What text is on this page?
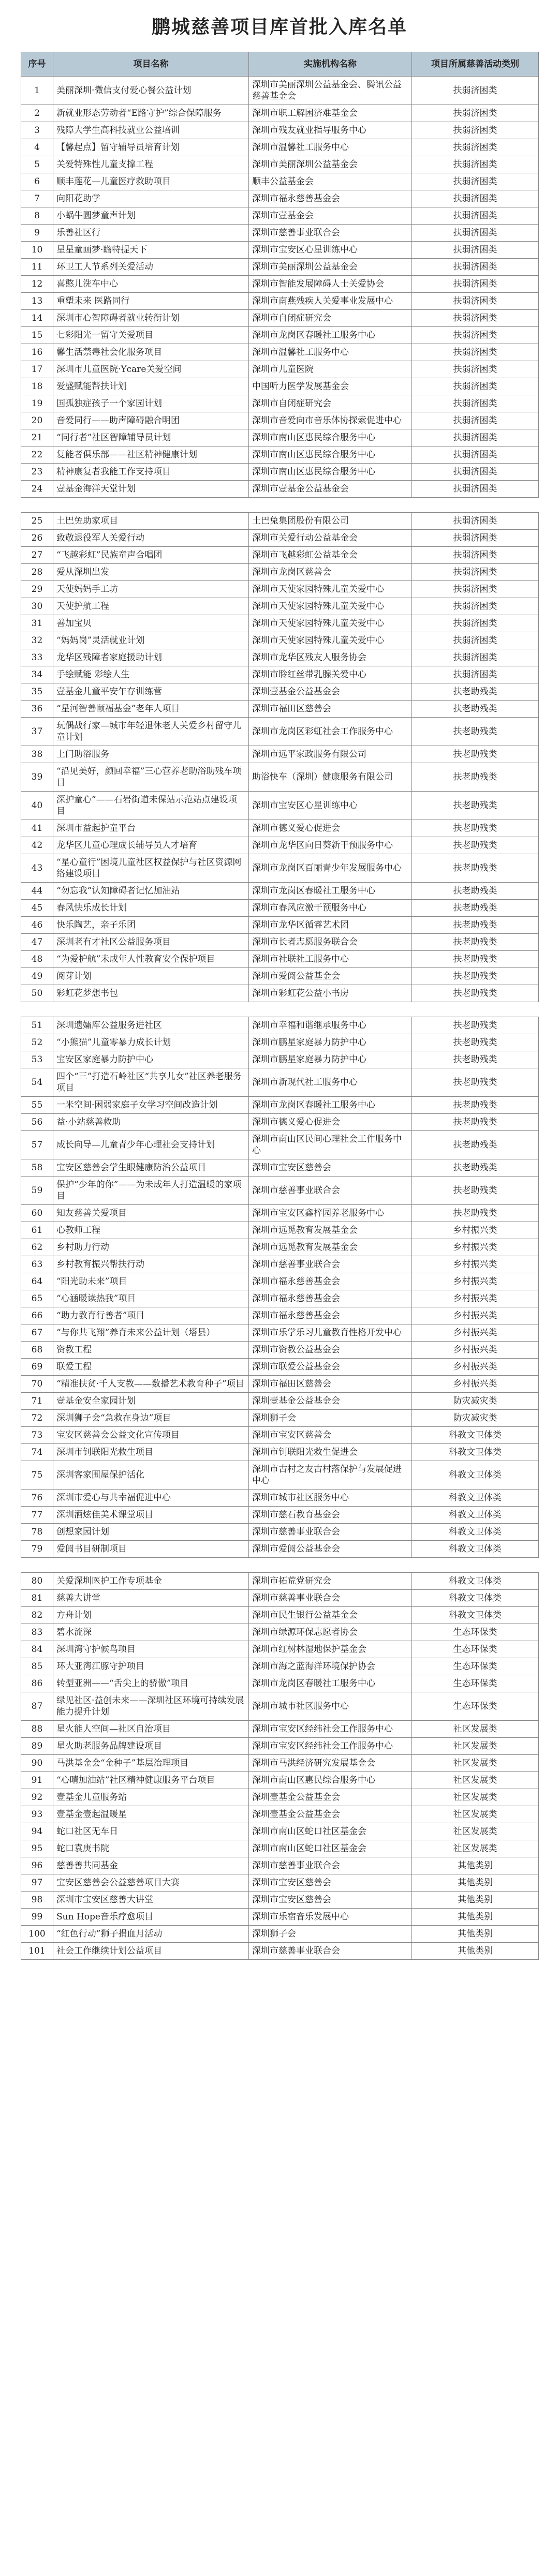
鹏城慈善项目库首批入库名单
序号	项目名称	实施机构名称	项目所属慈善活动类别
1	美丽深圳·微信支付爱心餐公益计划	深圳市美丽深圳公益基金会、腾讯公益慈善基金会	扶弱济困类
2	新就业形态劳动者“E路守护”综合保障服务	深圳市职工解困济难基金会	扶弱济困类
3	残障大学生高科技就业公益培训	深圳市残友就业指导服务中心	扶弱济困类
4	【馨起点】留守辅导员培育计划	深圳市温馨社工服务中心	扶弱济困类
5	关爱特殊性儿童支撑工程	深圳市美丽深圳公益基金会	扶弱济困类
6	顺丰莲花—儿童医疗救助项目	顺丰公益基金会	扶弱济困类
7	向阳花助学	深圳市福永慈善基金会	扶弱济困类
8	小蜗牛圆梦童声计划	深圳市壹基金会	扶弱济困类
9	乐善社区行	深圳市慈善事业联合会	扶弱济困类
10	星星童画梦·瞻特提天下	深圳市宝安区心星训练中心	扶弱济困类
11	环卫工人节系列关爱活动	深圳市美丽深圳公益基金会	扶弱济困类
12	喜憨儿洗车中心	深圳市智能发展障碍人士关爱协会	扶弱济困类
13	重塑未来 医路同行	深圳市南燕残疾人关爱事业发展中心	扶弱济困类
14	深圳市心智障碍者就业转衔计划	深圳市自闭症研究会	扶弱济困类
15	七彩阳光一留守关爱项目	深圳市龙岗区春暖社工服务中心	扶弱济困类
16	馨生活禁毒社会化服务项目	深圳市温馨社工服务中心	扶弱济困类
17	深圳市儿童医院·Ycare关爱空间	深圳市儿童医院	扶弱济困类
18	爱盛赋能帮扶计划	中国听力医学发展基金会	扶弱济困类
19	国孤独症孩子一个家园计划	深圳市自闭症研究会	扶弱济困类
20	音爱同行——助声障碍融合明团	深圳市音爱向市音乐体协探索促进中心	扶弱济困类
21	“同行者”社区智障辅导员计划	深圳市南山区惠民综合服务中心	扶弱济困类
22	复能者俱乐部——社区精神健康计划	深圳市南山区惠民综合服务中心	扶弱济困类
23	精神康复者我能工作支持项目	深圳市南山区惠民综合服务中心	扶弱济困类
24	壹基金海洋天堂计划	深圳市壹基金公益基金会	扶弱济困类

25	土巴兔助家项目	土巴兔集团股份有限公司	扶弱济困类
26	致敬退役军人关爱行动	深圳市关爱行动公益基金会	扶弱济困类
27	“飞越彩虹”民族童声合唱团	深圳市飞越彩虹公益基金会	扶弱济困类
28	爱从深圳出发	深圳市龙岗区慈善会	扶弱济困类
29	天使妈妈手工坊	深圳市天使家园特殊儿童关爱中心	扶弱济困类
30	天使护航工程	深圳市天使家园特殊儿童关爱中心	扶弱济困类
31	善加宝贝	深圳市天使家园特殊儿童关爱中心	扶弱济困类
32	“妈妈岗”灵活就业计划	深圳市天使家园特殊儿童关爱中心	扶弱济困类
33	龙华区残障者家庭援助计划	深圳市龙华区残友人服务协会	扶弱济困类
34	手绘赋能 彩绘人生	深圳市聆红丝带乳腺关爱中心	扶弱济困类
35	壹基金儿童平安午存训练营	深圳壹基金公益基金会	扶老助残类
36	“星河智善颐福基金”老年人项目	深圳市福田区慈善会	扶老助残类
37	玩偶战行家—城市年轻退休老人关爱乡村留守儿童计划	深圳市龙岗区彩虹社会工作服务中心	扶老助残类
38	上门助浴服务	深圳市远平家政服务有限公司	扶老助残类
39	“沿见美好，颜回幸福”三心营养老助浴助残车项目	助浴快车（深圳）健康服务有限公司	扶老助残类
40	深护童心”——石岩街道未保站示范站点建设项目	深圳市宝安区心星训练中心	扶老助残类
41	深圳市益起护童平台	深圳市德义爱心促进会	扶老助残类
42	龙华区儿童心理成长辅导员人才培育	深圳市龙华区向日葵新干预服务中心	扶老助残类
43	“星心童行”困境儿童社区权益保护与社区资源网络建设项目	深圳市龙岗区百丽青少年发展服务中心	扶老助残类
44	“勿忘我”认知障碍者记忆加油站	深圳市龙岗区春暖社工服务中心	扶老助残类
45	春风快乐成长计划	深圳市春风应激干预服务中心	扶老助残类
46	快乐陶艺，亲子乐团	深圳市龙华区循睿艺术团	扶老助残类
47	深圳老有才社区公益服务项目	深圳市长者志愿服务联合会	扶老助残类
48	“为爱护航”未成年人性教育安全保护项目	深圳市社联社工服务中心	扶老助残类
49	阅芽计划	深圳市爱阅公益基金会	扶老助残类
50	彩虹花梦想书包	深圳市彩虹花公益小书房	扶老助残类

51	深圳遗孀库公益服务进社区	深圳市幸福和谐继承服务中心	扶老助残类
52	“小熊猫”儿童零暴力成长计划	深圳市鹏星家庭暴力防护中心	扶老助残类
53	宝安区家庭暴力防护中心	深圳市鹏星家庭暴力防护中心	扶老助残类
54	四个“三”打造石岭社区“共享儿女”社区养老服务项目	深圳市新现代社工服务中心	扶老助残类
55	一米空间·困弱家庭子女学习空间改造计划	深圳市龙岗区春暖社工服务中心	扶老助残类
56	益·小站慈善救助	深圳市德义爱心促进会	扶老助残类
57	成长向导—儿童青少年心理社会支持计划	深圳市南山区民间心理社会工作服务中心	扶老助残类
58	宝安区慈善会学生眼健康防治公益项目	深圳市宝安区慈善会	扶老助残类
59	保护“少年的你”——为未成年人打造温暖的家项目	深圳市慈善事业联合会	扶老助残类
60	知友慈善关爱项目	深圳市宝安区鑫梓园养老服务中心	扶老助残类
61	心教师工程	深圳市远觅教育发展基金会	乡村振兴类
62	乡村助力行动	深圳市远觅教育发展基金会	乡村振兴类
63	乡村教育振兴帮扶行动	深圳市慈善事业联合会	乡村振兴类
64	“阳光助未来”项目	深圳市福永慈善基金会	乡村振兴类
65	“心涵暖读热我”项目	深圳市福永慈善基金会	乡村振兴类
66	“助力教育行善者”项目	深圳市福永慈善基金会	乡村振兴类
67	“与你共飞翔”养育未来公益计划（塔县）	深圳市乐学乐习儿童教育性格开发中心	乡村振兴类
68	资教工程	深圳市资教公益基金会	乡村振兴类
69	联爱工程	深圳市联爱公益基金会	乡村振兴类
70	“精准扶贫·千人支教——数播艺术教育种子”项目	深圳市福田区慈善会	乡村振兴类
71	壹基金安全家园计划	深圳壹基金公益基金会	防灾减灾类
72	深圳狮子会“急救在身边”项目	深圳狮子会	防灾减灾类
73	宝安区慈善会公益文化宣传项目	深圳市宝安区慈善会	科教文卫体类
74	深圳市钊联阳光救生项目	深圳市钊联阳光救生促进会	科教文卫体类
75	深圳客家围屋保护活化	深圳市古村之友古村落保护与发展促进中心	科教文卫体类
76	深圳市爱心与共幸福促进中心	深圳市城市社区服务中心	科教文卫体类
77	深圳酒炫佳美术课堂项目	深圳市慈石教育基金会	科教文卫体类
78	创想家园计划	深圳市慈善事业联合会	科教文卫体类
79	爱阅书目研制项目	深圳市爱阅公益基金会	科教文卫体类

80	关爱深圳医护工作专项基金	深圳市拓荒党研究会	科教文卫体类
81	慈善大讲堂	深圳市慈善事业联合会	科教文卫体类
82	方舟计划	深圳市民生银行公益基金会	科教文卫体类
83	碧水流深	深圳市绿源环保志愿者协会	生态环保类
84	深圳湾守护候鸟项目	深圳市红树林湿地保护基金会	生态环保类
85	环大亚湾江豚守护项目	深圳市海之蓝海洋环境保护协会	生态环保类
86	转型亚洲——“舌尖上的骄傲”项目	深圳市龙岗区春暖社工服务中心	生态环保类
87	绿见社区·益创未来——深圳社区环境可持续发展能力提升计划	深圳市城市社区服务中心	生态环保类
88	星火能人空间—社区自治项目	深圳市宝安区经纬社会工作服务中心	社区发展类
89	星火助老服务品牌建设项目	深圳市宝安区经纬社会工作服务中心	社区发展类
90	马洪基金会“金种子”基层治理项目	深圳市马洪经济研究发展基金会	社区发展类
91	“心晴加油站”社区精神健康服务平台项目	深圳市南山区惠民综合服务中心	社区发展类
92	壹基金儿童服务站	深圳壹基金公益基金会	社区发展类
93	壹基金壹起温暖星	深圳壹基金公益基金会	社区发展类
94	蛇口社区无车日	深圳市南山区蛇口社区基金会	社区发展类
95	蛇口袁庚书院	深圳市南山区蛇口社区基金会	社区发展类
96	慈善善共同基金	深圳市慈善事业联合会	其他类别
97	宝安区慈善会公益慈善项目大赛	深圳市宝安区慈善会	其他类别
98	深圳市宝安区慈善大讲堂	深圳市宝安区慈善会	其他类别
99	Sun Hope音乐疗愈项目	深圳市乐宿音乐发展中心	其他类别
100	“红色行动”狮子捐血月活动	深圳狮子会	其他类别
101	社会工作继续计划公益项目	深圳市慈善事业联合会	其他类别
